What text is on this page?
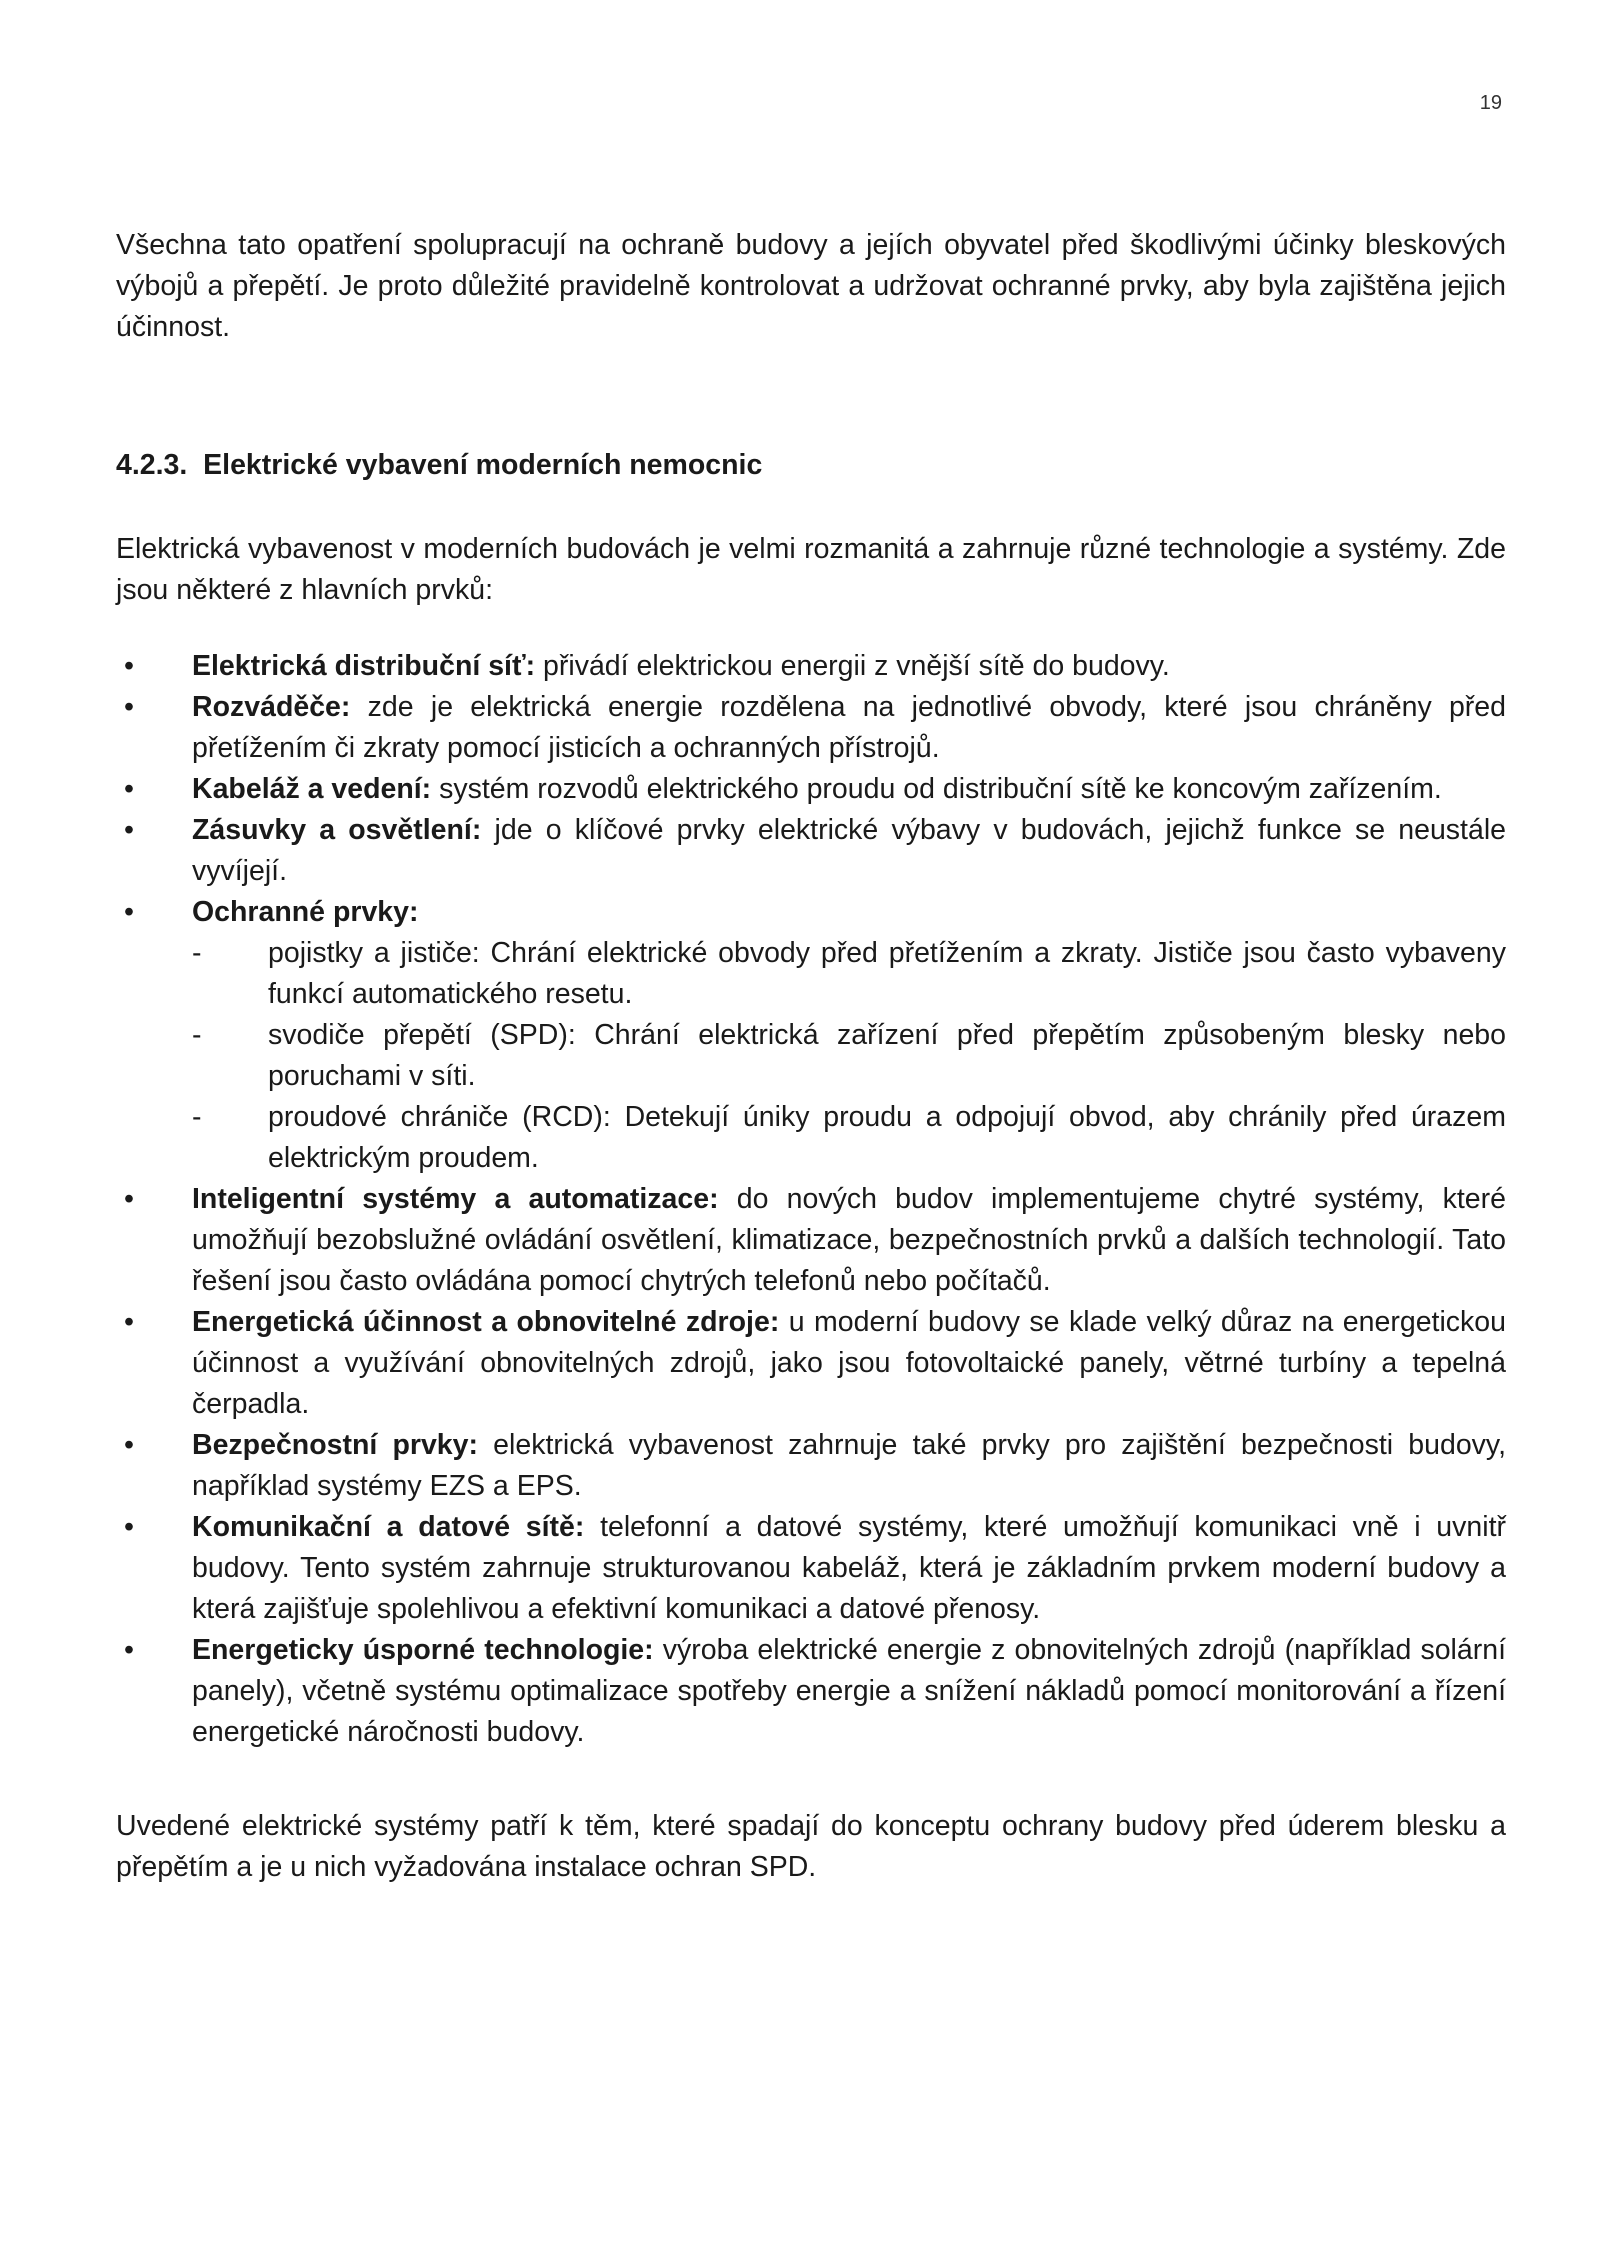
19

Všechna tato opatření spolupracují na ochraně budovy a jejích obyvatel před škodlivými účinky bleskových výbojů a přepětí. Je proto důležité pravidelně kontrolovat a udržovat ochranné prvky, aby byla zajištěna jejich účinnost.

4.2.3. Elektrické vybavení moderních nemocnic

Elektrická vybavenost v moderních budovách je velmi rozmanitá a zahrnuje různé technologie a systémy. Zde jsou některé z hlavních prvků:

•	Elektrická distribuční síť: přivádí elektrickou energii z vnější sítě do budovy.
•	Rozváděče: zde je elektrická energie rozdělena na jednotlivé obvody, které jsou chráněny před přetížením či zkraty pomocí jisticích a ochranných přístrojů.
•	Kabeláž a vedení: systém rozvodů elektrického proudu od distribuční sítě ke koncovým zařízením.
•	Zásuvky a osvětlení: jde o klíčové prvky elektrické výbavy v budovách, jejichž funkce se neustále vyvíjejí.
•	Ochranné prvky:
-	pojistky a jističe: Chrání elektrické obvody před přetížením a zkraty. Jističe jsou často vybaveny funkcí automatického resetu.
-	svodiče přepětí (SPD): Chrání elektrická zařízení před přepětím způsobeným blesky nebo poruchami v síti.
-	proudové chrániče (RCD): Detekují úniky proudu a odpojují obvod, aby chránily před úrazem elektrickým proudem.
•	Inteligentní systémy a automatizace: do nových budov implementujeme chytré systémy, které umožňují bezobslužné ovládání osvětlení, klimatizace, bezpečnostních prvků a dalších technologií. Tato řešení jsou často ovládána pomocí chytrých telefonů nebo počítačů.
•	Energetická účinnost a obnovitelné zdroje: u moderní budovy se klade velký důraz na energetickou účinnost a využívání obnovitelných zdrojů, jako jsou fotovoltaické panely, větrné turbíny a tepelná čerpadla.
•	Bezpečnostní prvky: elektrická vybavenost zahrnuje také prvky pro zajištění bezpečnosti budovy, například systémy EZS a EPS.
•	Komunikační a datové sítě: telefonní a datové systémy, které umožňují komunikaci vně i uvnitř budovy. Tento systém zahrnuje strukturovanou kabeláž, která je základním prvkem moderní budovy a která zajišťuje spolehlivou a efektivní komunikaci a datové přenosy.
•	Energeticky úsporné technologie: výroba elektrické energie z obnovitelných zdrojů (například solární panely), včetně systému optimalizace spotřeby energie a snížení nákladů pomocí monitorování a řízení energetické náročnosti budovy.

Uvedené elektrické systémy patří k těm, které spadají do konceptu ochrany budovy před úderem blesku a přepětím a je u nich vyžadována instalace ochran SPD.
